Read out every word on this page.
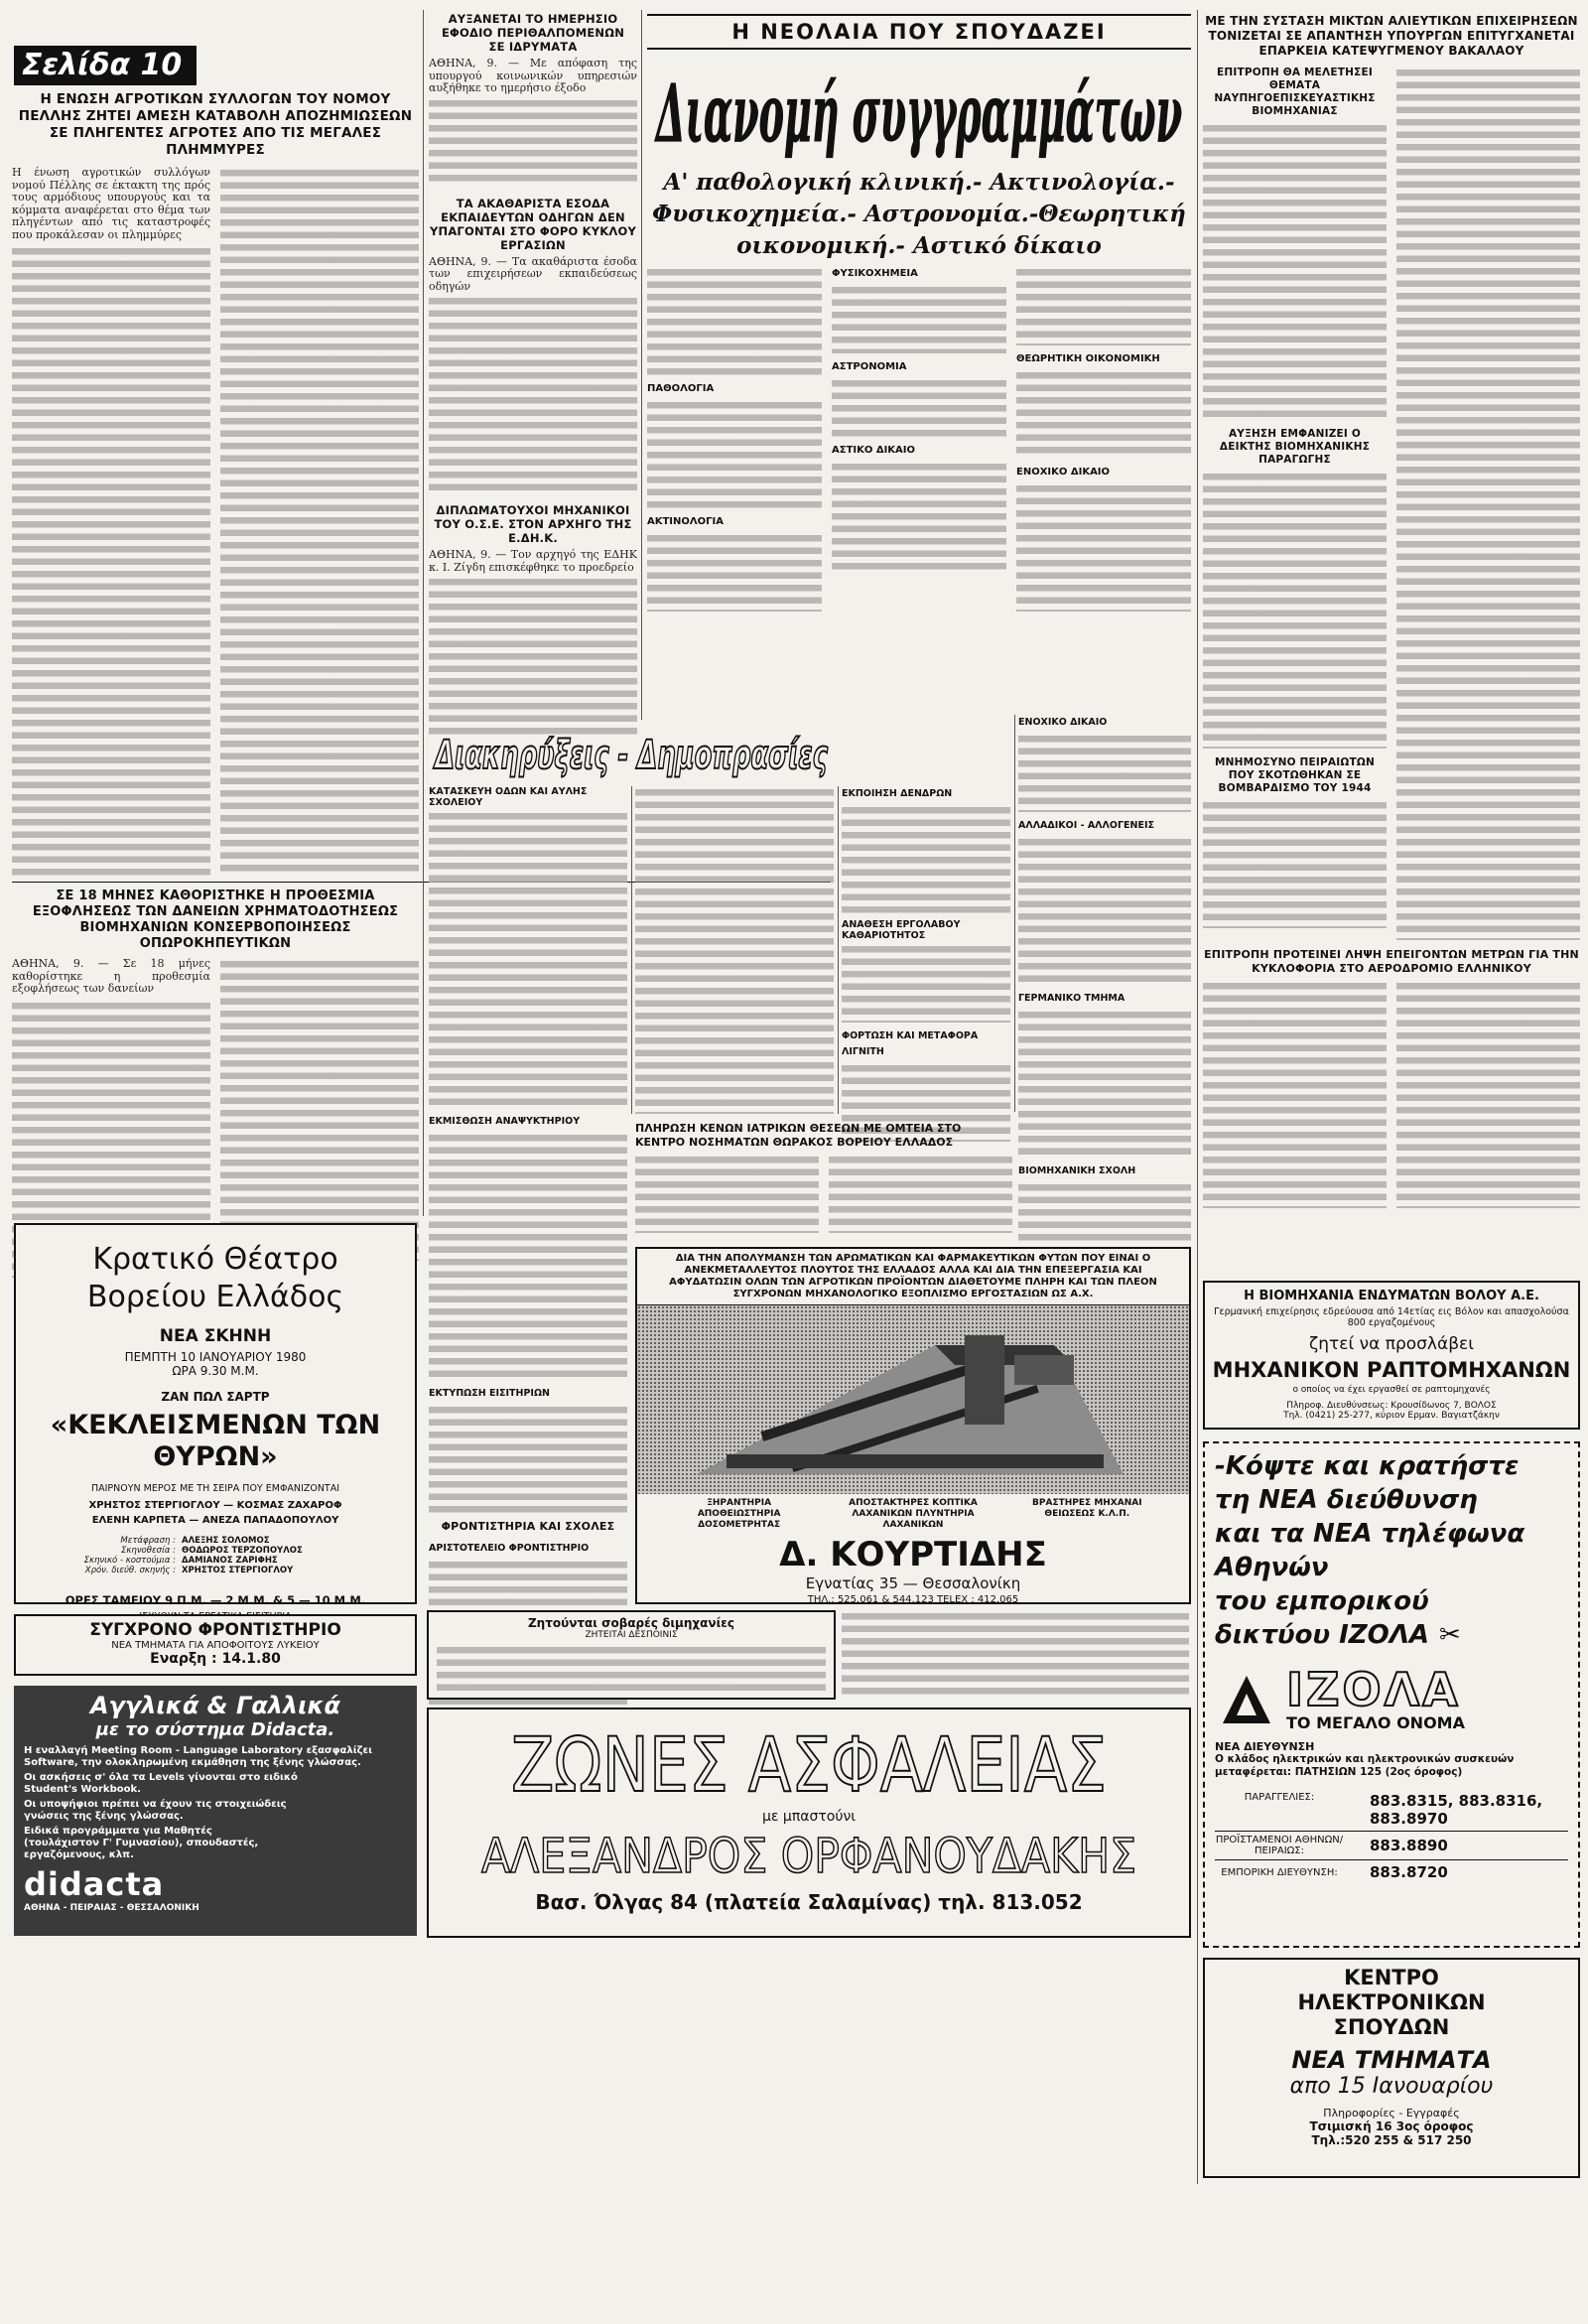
Σελίδα 10
Η ΕΝΩΣΗ ΑΓΡΟΤΙΚΩΝ ΣΥΛΛΟΓΩΝ ΤΟΥ ΝΟΜΟΥ ΠΕΛΛΗΣ ΖΗΤΕΙ ΑΜΕΣΗ ΚΑΤΑΒΟΛΗ ΑΠΟΖΗΜΙΩΣΕΩΝ ΣΕ ΠΛΗΓΕΝΤΕΣ ΑΓΡΟΤΕΣ ΑΠΟ ΤΙΣ ΜΕΓΑΛΕΣ ΠΛΗΜΜΥΡΕΣ
Η ένωση αγροτικών συλλόγων νομού Πέλλης σε έκτακτη της πρός τους αρμόδιους υπουργούς και τα κόμματα αναφέρεται στο θέμα των πληγέντων από τις καταστροφές που προκάλεσαν οι πλημμύρες
ΣΕ 18 ΜΗΝΕΣ ΚΑΘΟΡΙΣΤΗΚΕ Η ΠΡΟΘΕΣΜΙΑ ΕΞΟΦΛΗΣΕΩΣ ΤΩΝ ΔΑΝΕΙΩΝ ΧΡΗΜΑΤΟΔΟΤΗΣΕΩΣ ΒΙΟΜΗΧΑΝΙΩΝ ΚΟΝΣΕΡΒΟΠΟΙΗΣΕΩΣ ΟΠΩΡΟΚΗΠΕΥΤΙΚΩΝ
ΑΘΗΝΑ, 9. — Σε 18 μήνες καθορίστηκε η προθεσμία εξοφλήσεως των δανείων
Κρατικό Θέατρο Βορείου Ελλάδος
ΝΕΑ ΣΚΗΝΗ
ΠΕΜΠΤΗ 10 ΙΑΝΟΥΑΡΙΟΥ 1980
ΩΡΑ 9.30 Μ.Μ.
ΖΑΝ ΠΩΛ ΣΑΡΤΡ
«ΚΕΚΛΕΙΣΜΕΝΩΝ ΤΩΝ ΘΥΡΩΝ»
ΠΑΙΡΝΟΥΝ ΜΕΡΟΣ ΜΕ ΤΗ ΣΕΙΡΑ ΠΟΥ ΕΜΦΑΝΙΖΟΝΤΑΙ
ΧΡΗΣΤΟΣ ΣΤΕΡΓΙΟΓΛΟΥ — ΚΟΣΜΑΣ ΖΑΧΑΡΟΦ
ΕΛΕΝΗ ΚΑΡΠΕΤΑ — ΑΝΕΖΑ ΠΑΠΑΔΟΠΟΥΛΟΥ
Μετάφραση : ΑΛΕΞΗΣ ΣΟΛΟΜΟΣ
Σκηνοθεσία : ΘΟΔΩΡΟΣ ΤΕΡΖΟΠΟΥΛΟΣ
Σκηνικό - κοστούμια : ΔΑΜΙΑΝΟΣ ΖΑΡΙΦΗΣ
Χρόν. διεύθ. σκηνής : ΧΡΗΣΤΟΣ ΣΤΕΡΓΙΟΓΛΟΥ
ΩΡΕΣ ΤΑΜΕΙΟΥ 9 Π.Μ. — 2 Μ.Μ. & 5 — 10 Μ.Μ.
ΣΥΓΧΡΟΝΟ ΦΡΟΝΤΙΣΤΗΡΙΟ
ΝΕΑ ΤΜΗΜΑΤΑ ΓΙΑ ΑΠΟΦΟΙΤΟΥΣ ΛΥΚΕΙΟΥ
Εναρξη : 14.1.80
Αγγλικά & Γαλλικά
με το σύστημα Didacta.
Η εναλλαγή Meeting Room - Language Laboratory εξασφαλίζει Software, την ολοκληρωμένη εκμάθηση της ξένης γλώσσας.
Οι ασκήσεις σ' όλα τα Levels γίνονται στο ειδικό Student's Workbook.
Οι υποψήφιοι πρέπει να έχουν τις στοιχειώδεις γνώσεις της ξένης γλώσσας.
Ειδικά προγράμματα για Μαθητές (τουλάχιστον Γ' Γυμνασίου), σπουδαστές, εργαζόμενους, κλπ.
didacta
ΑΘΗΝΑ - ΠΕΙΡΑΙΑΣ - ΘΕΣΣΑΛΟΝΙΚΗ
ΑΥΞΑΝΕΤΑΙ ΤΟ ΗΜΕΡΗΣΙΟ ΕΦΟΔΙΟ ΠΕΡΙΘΑΛΠΟΜΕΝΩΝ ΣΕ ΙΔΡΥΜΑΤΑ
ΑΘΗΝΑ, 9. — Με απόφαση της υπουργού κοινωνικών υπηρεσιών αυξήθηκε το ημερήσιο έξοδο
ΤΑ ΑΚΑΘΑΡΙΣΤΑ ΕΣΟΔΑ ΕΚΠΑΙΔΕΥΤΩΝ ΟΔΗΓΩΝ ΔΕΝ ΥΠΑΓΟΝΤΑΙ ΣΤΟ ΦΟΡΟ ΚΥΚΛΟΥ ΕΡΓΑΣΙΩΝ
ΑΘΗΝΑ, 9. — Τα ακαθάριστα έσοδα των επιχειρήσεων εκπαιδεύσεως οδηγών
ΔΙΠΛΩΜΑΤΟΥΧΟΙ ΜΗΧΑΝΙΚΟΙ ΤΟΥ Ο.Σ.Ε. ΣΤΟΝ ΑΡΧΗΓΟ ΤΗΣ Ε.ΔΗ.Κ.
ΑΘΗΝΑ, 9. — Τον αρχηγό της ΕΔΗΚ κ. Ι. Ζίγδη επισκέφθηκε το προεδρείο
Η ΝΕΟΛΑΙΑ ΠΟΥ ΣΠΟΥΔΑΖΕΙ
Διανομή συγγραμμάτων
Α' παθολογική κλινική.- Ακτινολογία.-Φυσικοχημεία.- Αστρονομία.-Θεωρητική οικονομική.- Αστικό δίκαιο
ΠΑΘΟΛΟΓΙΑ
ΑΚΤΙΝΟΛΟΓΙΑ
ΦΥΣΙΚΟΧΗΜΕΙΑ
ΑΣΤΡΟΝΟΜΙΑ
ΑΣΤΙΚΟ ΔΙΚΑΙΟ
ΘΕΩΡΗΤΙΚΗ ΟΙΚΟΝΟΜΙΚΗ
ΕΝΟΧΙΚΟ ΔΙΚΑΙΟ
Διακηρύξεις - Δημοπρασίες
ΚΑΤΑΣΚΕΥΗ ΟΔΩΝ ΚΑΙ ΑΥΛΗΣ ΣΧΟΛΕΙΟΥ
ΕΚΜΙΣΘΩΣΗ ΑΝΑΨΥΚΤΗΡΙΟΥ
ΕΚΤΥΠΩΣΗ ΕΙΣΙΤΗΡΙΩΝ
ΦΡΟΝΤΙΣΤΗΡΙΑ ΚΑΙ ΣΧΟΛΕΣ
ΑΡΙΣΤΟΤΕΛΕΙΟ ΦΡΟΝΤΙΣΤΗΡΙΟ
ΕΚΠΟΙΗΣΗ ΔΕΝΔΡΩΝ
ΑΝΑΘΕΣΗ ΕΡΓΟΛΑΒΟΥ ΚΑΘΑΡΙΟΤΗΤΟΣ
ΦΟΡΤΩΣΗ ΚΑΙ ΜΕΤΑΦΟΡΑ ΛΙΓΝΙΤΗ
ΕΝΟΧΙΚΟ ΔΙΚΑΙΟ
ΑΛΛΑΔΙΚΟΙ - ΑΛΛΟΓΕΝΕΙΣ
ΓΕΡΜΑΝΙΚΟ ΤΜΗΜΑ
ΒΙΟΜΗΧΑΝΙΚΗ ΣΧΟΛΗ
ΠΛΗΡΩΣΗ ΚΕΝΩΝ ΙΑΤΡΙΚΩΝ ΘΕΣΕΩΝ ΜΕ ΟΜΤΕΙΑ ΣΤΟ ΚΕΝΤΡΟ ΝΟΣΗΜΑΤΩΝ ΘΩΡΑΚΟΣ ΒΟΡΕΙΟΥ ΕΛΛΑΔΟΣ
ΔΙΑ ΤΗΝ ΑΠΟΛΥΜΑΝΣΗ ΤΩΝ ΑΡΩΜΑΤΙΚΩΝ ΚΑΙ ΦΑΡΜΑΚΕΥΤΙΚΩΝ ΦΥΤΩΝ ΠΟΥ ΕΙΝΑΙ Ο ΑΝΕΚΜΕΤΑΛΛΕΥΤΟΣ ΠΛΟΥΤΟΣ ΤΗΣ ΕΛΛΑΔΟΣ ΑΛΛΑ ΚΑΙ ΔΙΑ ΤΗΝ ΕΠΕΞΕΡΓΑΣΙΑ ΚΑΙ ΑΦΥΔΑΤΩΣΙΝ ΟΛΩΝ ΤΩΝ ΑΓΡΟΤΙΚΩΝ ΠΡΟΪΟΝΤΩΝ ΔΙΑΘΕΤΟΥΜΕ ΠΛΗΡΗ ΚΑΙ ΤΩΝ ΠΛΕΟΝ ΣΥΓΧΡΟΝΩΝ ΜΗΧΑΝΟΛΟΓΙΚΟ ΕΞΟΠΛΙΣΜΟ ΕΡΓΟΣΤΑΣΙΩΝ ΩΣ Α.Χ.
ΞΗΡΑΝΤΗΡΙΑ ΑΠΟΘΕΙΩΣΤΗΡΙΑ ΔΟΣΟΜΕΤΡΗΤΑΣ
ΑΠΟΣΤΑΚΤΗΡΕΣ ΚΟΠΤΙΚΑ ΛΑΧΑΝΙΚΩΝ ΠΛΥΝΤΗΡΙΑ ΛΑΧΑΝΙΚΩΝ
ΒΡΑΣΤΗΡΕΣ ΜΗΧΑΝΑΙ ΘΕΙΩΣΕΩΣ Κ.Λ.Π.
Δ. ΚΟΥΡΤΙΔΗΣ
Εγνατίας 35 — Θεσσαλονίκη
ΤΗΛ.: 525.061 & 544.123 TELEX : 412.065
Ζητούνται σοβαρές διμηχανίες
ΖΗΤΕΙΤΑΙ ΔΕΣΠΟΙΝΙΣ
ΖΩΝΕΣ ΑΣΦΑΛΕΙΑΣ
με μπαστούνι
ΑΛΕΞΑΝΔΡΟΣ ΟΡΦΑΝΟΥΔΑΚΗΣ
Βασ. Όλγας 84 (πλατεία Σαλαμίνας) τηλ. 813.052
ΜΕ ΤΗΝ ΣΥΣΤΑΣΗ ΜΙΚΤΩΝ ΑΛΙΕΥΤΙΚΩΝ ΕΠΙΧΕΙΡΗΣΕΩΝ ΤΟΝΙΖΕΤΑΙ ΣΕ ΑΠΑΝΤΗΣΗ ΥΠΟΥΡΓΩΝ ΕΠΙΤΥΓΧΑΝΕΤΑΙ ΕΠΑΡΚΕΙΑ ΚΑΤΕΨΥΓΜΕΝΟΥ ΒΑΚΑΛΑΟΥ
ΕΠΙΤΡΟΠΗ ΘΑ ΜΕΛΕΤΗΣΕΙ ΘΕΜΑΤΑ ΝΑΥΠΗΓΟΕΠΙΣΚΕΥΑΣΤΙΚΗΣ ΒΙΟΜΗΧΑΝΙΑΣ
ΑΥΞΗΣΗ ΕΜΦΑΝΙΖΕΙ Ο ΔΕΙΚΤΗΣ ΒΙΟΜΗΧΑΝΙΚΗΣ ΠΑΡΑΓΩΓΗΣ
ΜΝΗΜΟΣΥΝΟ ΠΕΙΡΑΙΩΤΩΝ ΠΟΥ ΣΚΟΤΩΘΗΚΑΝ ΣΕ ΒΟΜΒΑΡΔΙΣΜΟ ΤΟΥ 1944
ΕΠΙΤΡΟΠΗ ΠΡΟΤΕΙΝΕΙ ΛΗΨΗ ΕΠΕΙΓΟΝΤΩΝ ΜΕΤΡΩΝ ΓΙΑ ΤΗΝ ΚΥΚΛΟΦΟΡΙΑ ΣΤΟ ΑΕΡΟΔΡΟΜΙΟ ΕΛΛΗΝΙΚΟΥ
Η ΒΙΟΜΗΧΑΝΙΑ ΕΝΔΥΜΑΤΩΝ ΒΟΛΟΥ Α.Ε.
Γερμανική επιχείρησις εδρεύουσα από 14ετίας εις Βόλον και απασχολούσα 800 εργαζομένους
ζητεί να προσλάβει
ΜΗΧΑΝΙΚΟΝ ΡΑΠΤΟΜΗΧΑΝΩΝ
ο οποίος να έχει εργασθεί σε ραπτομηχανές
Πληροφ. Διευθύνσεως: Κρουσίδωνος 7, ΒΟΛΟΣ
Τηλ. (0421) 25-277, κύριον Ερμαν. Βαγιατζάκην
-Κόψτε και κρατήστε
τη ΝΕΑ διεύθυνση
και τα ΝΕΑ τηλέφωνα
Αθηνών
του εμπορικού
δικτύου ΙΖΟΛΑ ✂
ΙΖΟΛΑ
ΤΟ ΜΕΓΑΛΟ ΟΝΟΜΑ
ΝΕΑ ΔΙΕΥΘΥΝΣΗ
Ο κλάδος ηλεκτρικών και ηλεκτρονικών συσκευών μεταφέρεται: ΠΑΤΗΣΙΩΝ 125 (2ος όροφος)
ΠΑΡΑΓΓΕΛΙΕΣ:	883.8315, 883.8316, 883.8970
ΠΡΟΪΣΤΑΜΕΝΟΙ ΑΘΗΝΩΝ/ΠΕΙΡΑΙΩΣ:	883.8890
ΕΜΠΟΡΙΚΗ ΔΙΕΥΘΥΝΣΗ:	883.8720
ΚΕΝΤΡΟ ΗΛΕΚΤΡΟΝΙΚΩΝ ΣΠΟΥΔΩΝ
ΝΕΑ ΤΜΗΜΑΤΑ
απο 15 Ιανουαρίου
Πληροφορίες - Εγγραφές
Τσιμισκή 16 3ος όροφος
Τηλ.:520 255 & 517 250
